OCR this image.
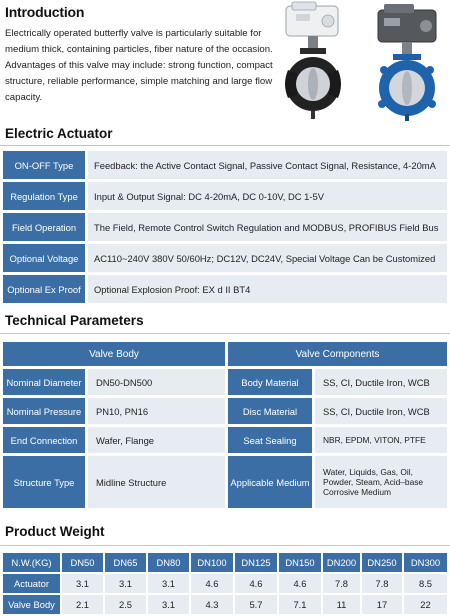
Introduction
Electrically operated butterfly valve is particularly suitable for medium thick, containing particles, fiber nature of the occasion. Advantages of this valve may include: strong function, compact structure, reliable performance, simple matching and large flow capacity.
Electric Actuator
ON-OFF Type	Feedback: the Active Contact Signal, Passive Contact Signal, Resistance, 4-20mA
Regulation Type	Input & Output Signal: DC 4-20mA, DC 0-10V, DC 1-5V
Field Operation	The Field, Remote Control Switch Regulation and MODBUS, PROFIBUS Field Bus
Optional Voltage	AC110~240V 380V 50/60Hz; DC12V, DC24V, Special Voltage Can be Customized
Optional Ex Proof	Optional Explosion Proof: EX d II BT4
Technical Parameters
Valve Body	Valve Components
Nominal Diameter	DN50-DN500	Body Material	SS, CI, Ductile Iron, WCB
Nominal Pressure	PN10, PN16	Disc Material	SS, CI, Ductile Iron, WCB
End Connection	Wafer, Flange	Seat Sealing	NBR, EPDM, VITON, PTFE
Structure Type	Midline Structure	Applicable Medium
Water, Liquids, Gas, Oil,
Powder, Steam, Acid–base
Corrosive Medium
Product Weight
N.W.(KG)	DN50	DN65	DN80	DN100	DN125	DN150	DN200	DN250	DN300
Actuator	3.1	3.1	3.1	4.6	4.6	4.6	7.8	7.8	8.5
Valve Body	2.1	2.5	3.1	4.3	5.7	7.1	11	17	22
